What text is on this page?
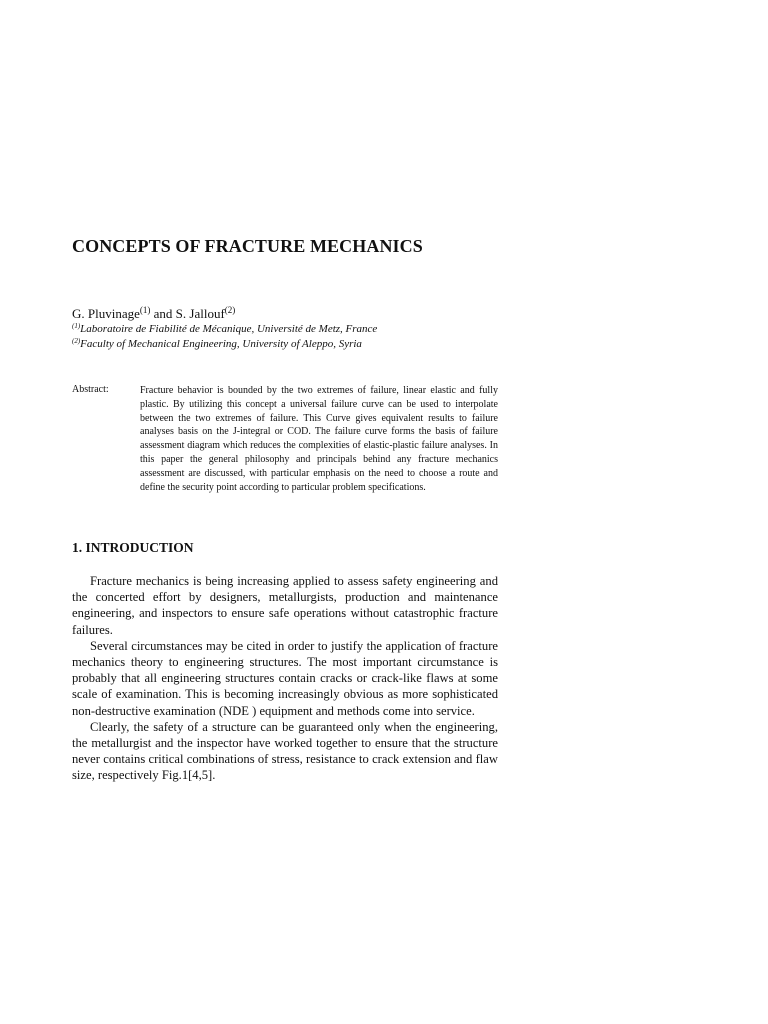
CONCEPTS OF FRACTURE MECHANICS
G. Pluvinage$^{(1)}$ and S. Jallouf$^{(2)}$
$^{(1)}$Laboratoire de Fiabilité de Mécanique, Université de Metz, France
$^{(2)}$Faculty of Mechanical Engineering, University of Aleppo, Syria
Abstract:	Fracture behavior is bounded by the two extremes of failure, linear elastic and fully plastic. By utilizing this concept a universal failure curve can be used to interpolate between the two extremes of failure. This Curve gives equivalent results to failure analyses basis on the J-integral or COD. The failure curve forms the basis of failure assessment diagram which reduces the complexities of elastic-plastic failure analyses. In this paper the general philosophy and principals behind any fracture mechanics assessment are discussed, with particular emphasis on the need to choose a route and define the security point according to particular problem specifications.
1. INTRODUCTION

Fracture mechanics is being increasing applied to assess safety engineering and the concerted effort by designers, metallurgists, production and maintenance engineering, and inspectors to ensure safe operations without catastrophic fracture failures.

Several circumstances may be cited in order to justify the application of fracture mechanics theory to engineering structures. The most important circumstance is probably that all engineering structures contain cracks or crack-like flaws at some scale of examination. This is becoming increasingly obvious as more sophisticated non-destructive examination (NDE ) equipment and methods come into service.

Clearly, the safety of a structure can be guaranteed only when the engineering, the metallurgist and the inspector have worked together to ensure that the structure never contains critical combinations of stress, resistance to crack extension and flaw size, respectively Fig.1[4,5].
